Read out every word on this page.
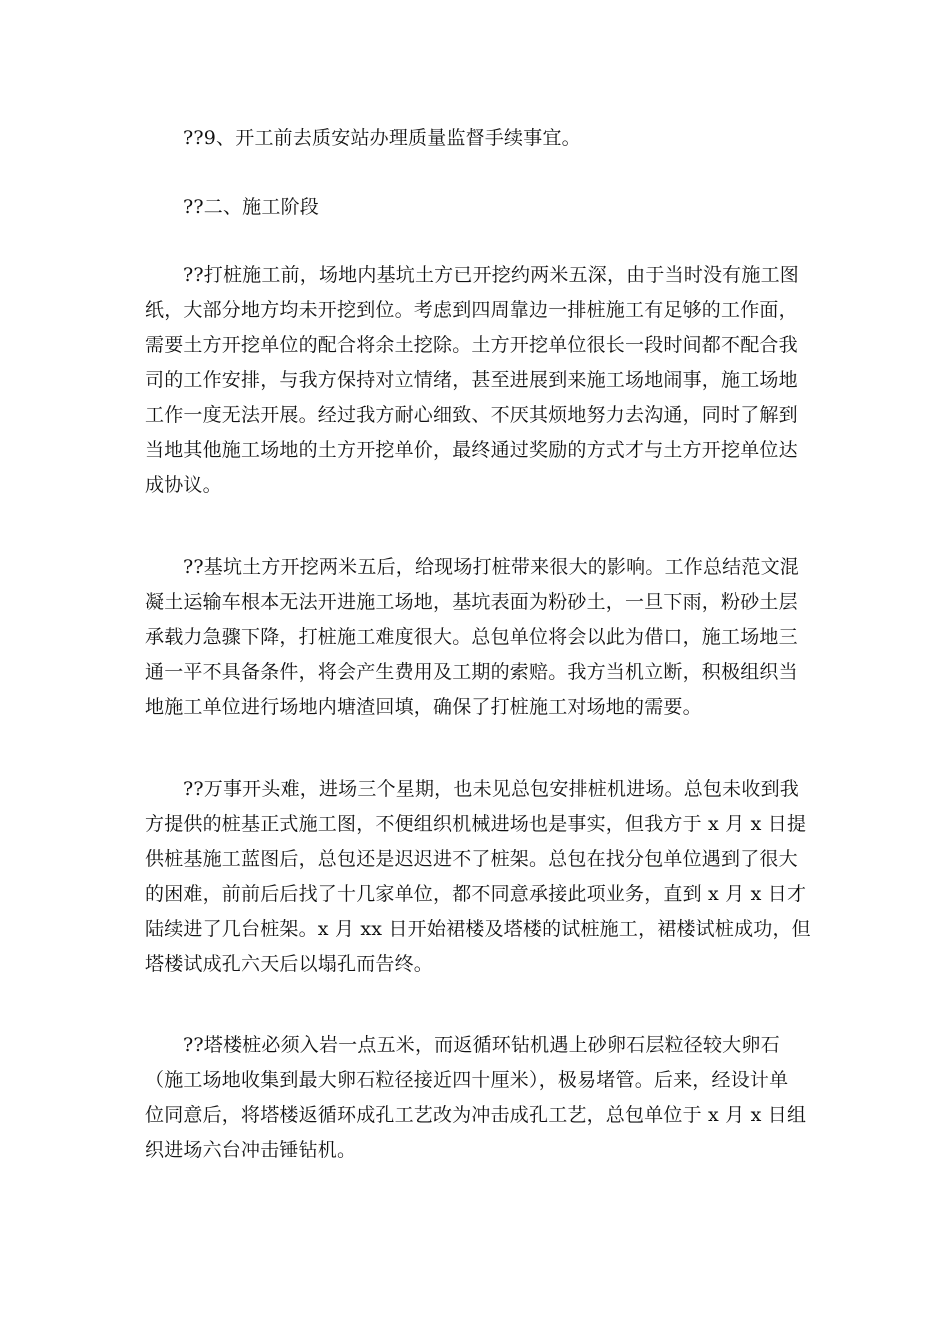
??9、开工前去质安站办理质量监督手续事宜。
??二、施工阶段
??打桩施工前，场地内基坑土方已开挖约两米五深，由于当时没有施工图
纸，大部分地方均未开挖到位。考虑到四周靠边一排桩施工有足够的工作面，
需要土方开挖单位的配合将余土挖除。土方开挖单位很长一段时间都不配合我
司的工作安排，与我方保持对立情绪，甚至进展到来施工场地闹事，施工场地
工作一度无法开展。经过我方耐心细致、不厌其烦地努力去沟通，同时了解到
当地其他施工场地的土方开挖单价，最终通过奖励的方式才与土方开挖单位达
成协议。
??基坑土方开挖两米五后，给现场打桩带来很大的影响。工作总结范文混
凝土运输车根本无法开进施工场地，基坑表面为粉砂土，一旦下雨，粉砂土层
承载力急骤下降，打桩施工难度很大。总包单位将会以此为借口，施工场地三
通一平不具备条件，将会产生费用及工期的索赔。我方当机立断，积极组织当
地施工单位进行场地内塘渣回填，确保了打桩施工对场地的需要。
??万事开头难，进场三个星期，也未见总包安排桩机进场。总包未收到我
方提供的桩基正式施工图，不便组织机械进场也是事实，但我方于 x 月 x 日提
供桩基施工蓝图后，总包还是迟迟进不了桩架。总包在找分包单位遇到了很大
的困难，前前后后找了十几家单位，都不同意承接此项业务，直到 x 月 x 日才
陆续进了几台桩架。x 月 xx 日开始裙楼及塔楼的试桩施工，裙楼试桩成功，但
塔楼试成孔六天后以塌孔而告终。
??塔楼桩必须入岩一点五米，而返循环钻机遇上砂卵石层粒径较大卵石
（施工场地收集到最大卵石粒径接近四十厘米），极易堵管。后来，经设计单
位同意后，将塔楼返循环成孔工艺改为冲击成孔工艺，总包单位于 x 月 x 日组
织进场六台冲击锤钻机。
